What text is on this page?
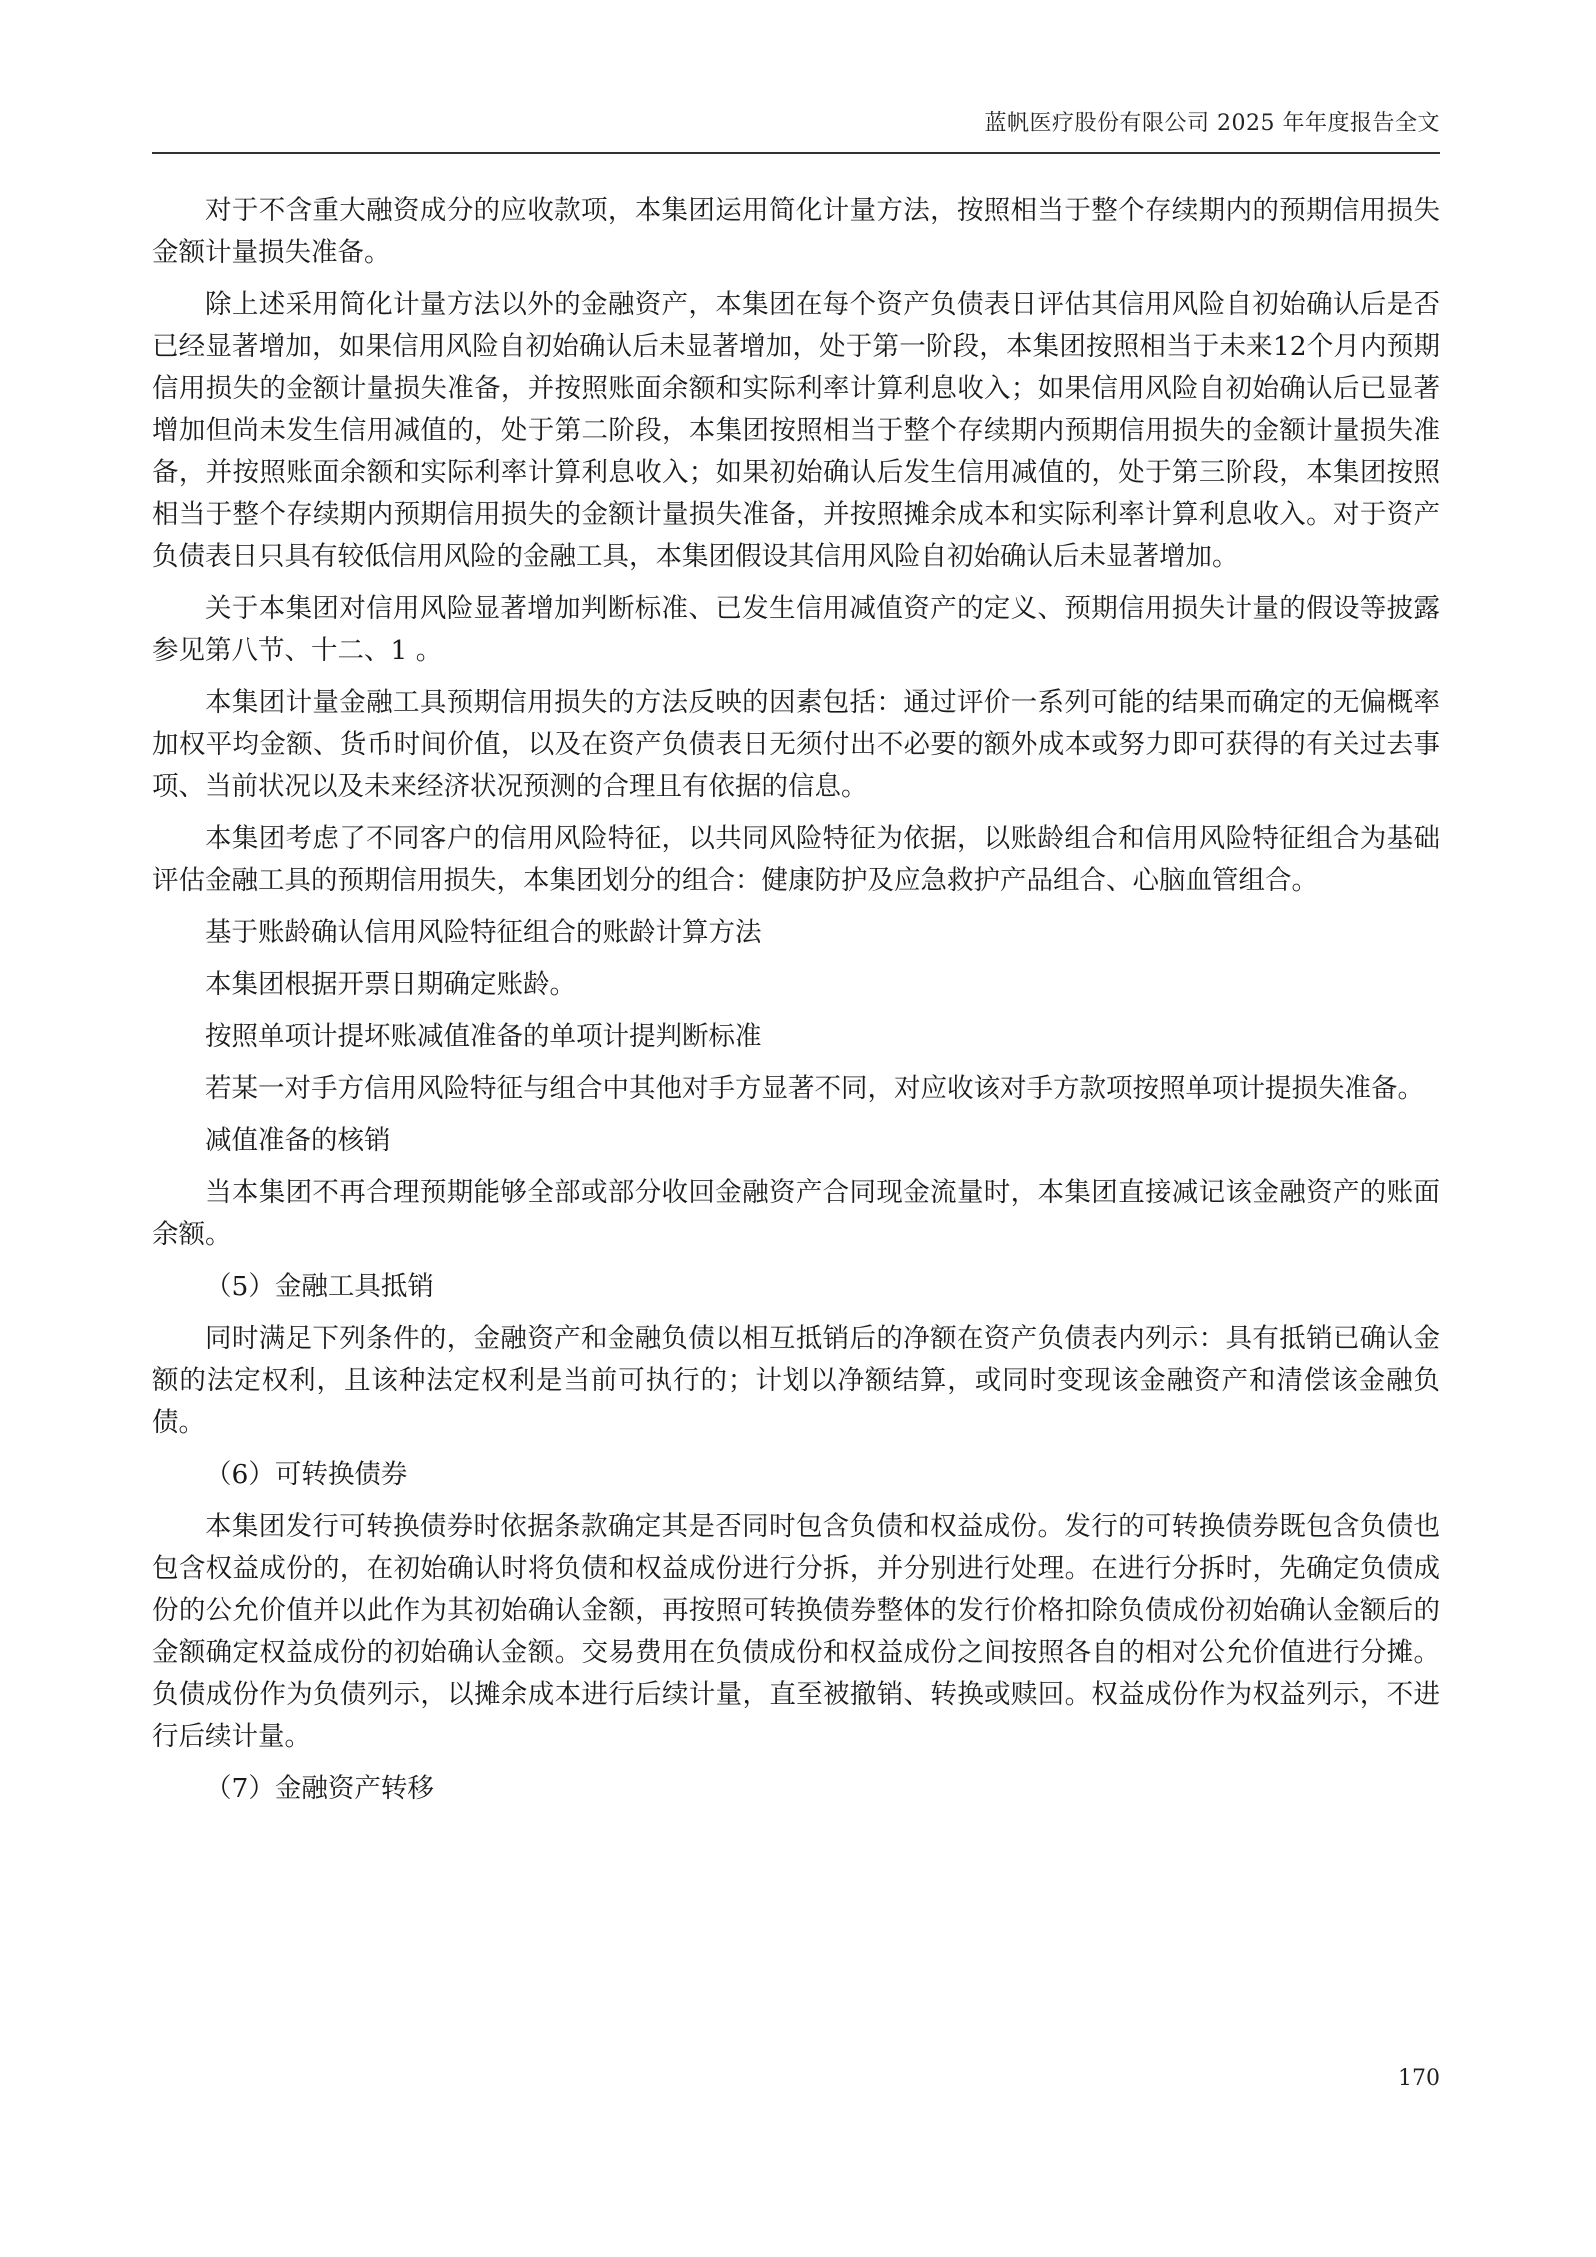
蓝帆医疗股份有限公司 2025 年年度报告全文

对于不含重大融资成分的应收款项，本集团运用简化计量方法，按照相当于整个存续期内的预期信用损失金额计量损失准备。

除上述采用简化计量方法以外的金融资产，本集团在每个资产负债表日评估其信用风险自初始确认后是否已经显著增加，如果信用风险自初始确认后未显著增加，处于第一阶段，本集团按照相当于未来12个月内预期信用损失的金额计量损失准备，并按照账面余额和实际利率计算利息收入；如果信用风险自初始确认后已显著增加但尚未发生信用减值的，处于第二阶段，本集团按照相当于整个存续期内预期信用损失的金额计量损失准备，并按照账面余额和实际利率计算利息收入；如果初始确认后发生信用减值的，处于第三阶段，本集团按照相当于整个存续期内预期信用损失的金额计量损失准备，并按照摊余成本和实际利率计算利息收入。对于资产负债表日只具有较低信用风险的金融工具，本集团假设其信用风险自初始确认后未显著增加。

关于本集团对信用风险显著增加判断标准、已发生信用减值资产的定义、预期信用损失计量的假设等披露参见第八节、十二、1 。

本集团计量金融工具预期信用损失的方法反映的因素包括：通过评价一系列可能的结果而确定的无偏概率加权平均金额、货币时间价值，以及在资产负债表日无须付出不必要的额外成本或努力即可获得的有关过去事项、当前状况以及未来经济状况预测的合理且有依据的信息。

本集团考虑了不同客户的信用风险特征，以共同风险特征为依据，以账龄组合和信用风险特征组合为基础评估金融工具的预期信用损失，本集团划分的组合：健康防护及应急救护产品组合、心脑血管组合。

基于账龄确认信用风险特征组合的账龄计算方法

本集团根据开票日期确定账龄。

按照单项计提坏账减值准备的单项计提判断标准

若某一对手方信用风险特征与组合中其他对手方显著不同，对应收该对手方款项按照单项计提损失准备。

减值准备的核销

当本集团不再合理预期能够全部或部分收回金融资产合同现金流量时，本集团直接减记该金融资产的账面余额。

（5）金融工具抵销

同时满足下列条件的，金融资产和金融负债以相互抵销后的净额在资产负债表内列示：具有抵销已确认金额的法定权利，且该种法定权利是当前可执行的；计划以净额结算，或同时变现该金融资产和清偿该金融负债。

（6）可转换债券

本集团发行可转换债券时依据条款确定其是否同时包含负债和权益成份。发行的可转换债券既包含负债也包含权益成份的，在初始确认时将负债和权益成份进行分拆，并分别进行处理。在进行分拆时，先确定负债成份的公允价值并以此作为其初始确认金额，再按照可转换债券整体的发行价格扣除负债成份初始确认金额后的金额确定权益成份的初始确认金额。交易费用在负债成份和权益成份之间按照各自的相对公允价值进行分摊。负债成份作为负债列示，以摊余成本进行后续计量，直至被撤销、转换或赎回。权益成份作为权益列示，不进行后续计量。

（7）金融资产转移

170
